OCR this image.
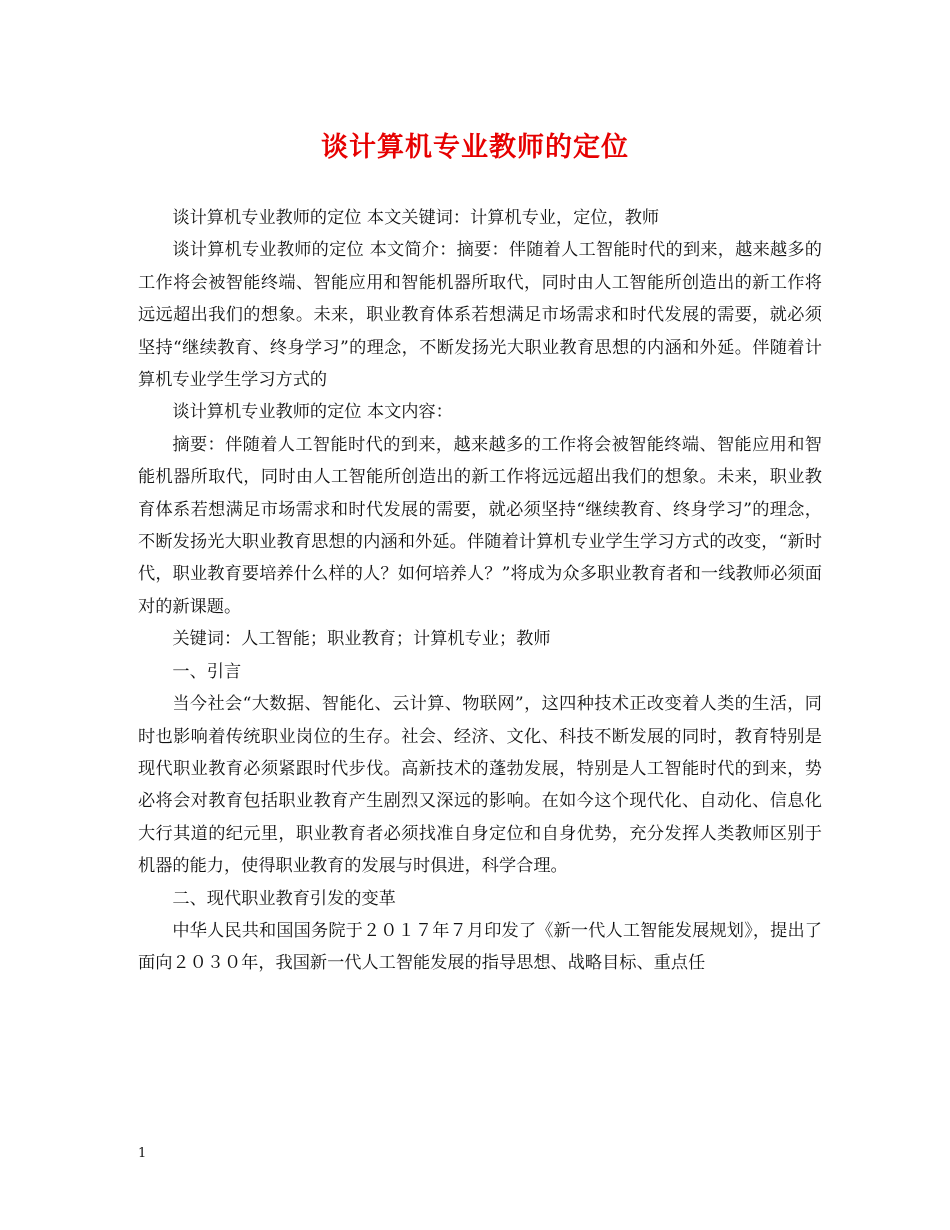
谈计算机专业教师的定位

谈计算机专业教师的定位 本文关键词：计算机专业，定位，教师

谈计算机专业教师的定位 本文简介：摘要：伴随着人工智能时代的到来，越来越多的工作将会被智能终端、智能应用和智能机器所取代，同时由人工智能所创造出的新工作将远远超出我们的想象。未来，职业教育体系若想满足市场需求和时代发展的需要，就必须坚持“继续教育、终身学习”的理念，不断发扬光大职业教育思想的内涵和外延。伴随着计算机专业学生学习方式的

谈计算机专业教师的定位 本文内容：

摘要：伴随着人工智能时代的到来，越来越多的工作将会被智能终端、智能应用和智能机器所取代，同时由人工智能所创造出的新工作将远远超出我们的想象。未来，职业教育体系若想满足市场需求和时代发展的需要，就必须坚持“继续教育、终身学习”的理念，不断发扬光大职业教育思想的内涵和外延。伴随着计算机专业学生学习方式的改变，“新时代，职业教育要培养什么样的人？如何培养人？”将成为众多职业教育者和一线教师必须面对的新课题。

关键词：人工智能；职业教育；计算机专业；教师

一、引言

当今社会“大数据、智能化、云计算、物联网”，这四种技术正改变着人类的生活，同时也影响着传统职业岗位的生存。社会、经济、文化、科技不断发展的同时，教育特别是现代职业教育必须紧跟时代步伐。高新技术的蓬勃发展，特别是人工智能时代的到来，势必将会对教育包括职业教育产生剧烈又深远的影响。在如今这个现代化、自动化、信息化大行其道的纪元里，职业教育者必须找准自身定位和自身优势，充分发挥人类教师区别于机器的能力，使得职业教育的发展与时俱进，科学合理。

二、现代职业教育引发的变革

中华人民共和国国务院于２０１７年７月印发了《新一代人工智能发展规划》，提出了面向２０３０年，我国新一代人工智能发展的指导思想、战略目标、重点任

1
